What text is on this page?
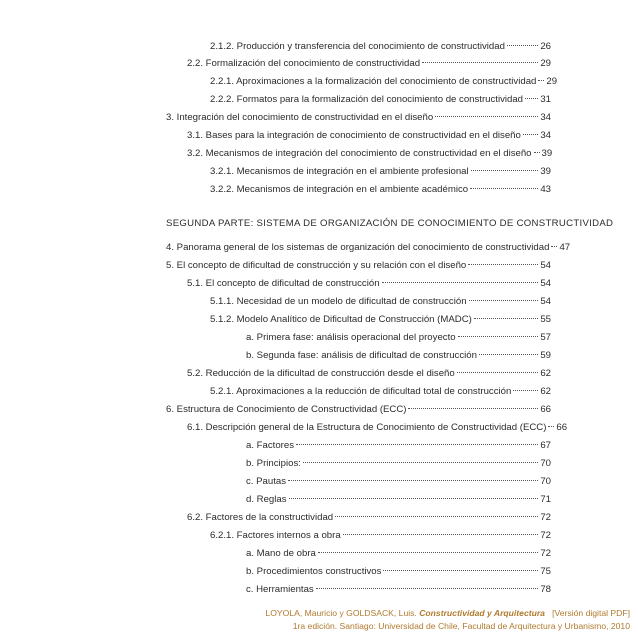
2.1.2. Producción y transferencia del conocimiento de constructividad	26
2.2. Formalización del conocimiento de constructividad	29
2.2.1. Aproximaciones a la formalización del conocimiento de constructividad 29
2.2.2. Formatos para la formalización del conocimiento de constructividad 31
3. Integración del conocimiento de constructividad en el diseño	34
3.1. Bases para la integración de conocimiento de constructividad en el diseño 34
3.2. Mecanismos de integración del conocimiento de constructividad en el diseño 39
3.2.1. Mecanismos de integración en el ambiente profesional	39
3.2.2. Mecanismos de integración en el ambiente académico	43
SEGUNDA PARTE: SISTEMA DE ORGANIZACIÓN DE CONOCIMIENTO DE CONSTRUCTIVIDAD
4. Panorama general de los sistemas de organización del conocimiento de constructividad 47
5. El concepto de dificultad de construcción y su relación con el diseño	54
5.1. El concepto de dificultad de construcción	54
5.1.1. Necesidad de un modelo de dificultad de construcción	54
5.1.2. Modelo Analítico de Dificultad de Construcción (MADC)	55
a. Primera fase: análisis operacional del proyecto	57
b. Segunda fase: análisis de dificultad de construcción	59
5.2. Reducción de la dificultad de construcción desde el diseño	62
5.2.1. Aproximaciones a la reducción de dificultad total de construcción	62
6. Estructura de Conocimiento de Constructividad (ECC)	66
6.1. Descripción general de la Estructura de Conocimiento de Constructividad (ECC) 66
a. Factores	67
b. Principios:	70
c. Pautas	70
d. Reglas	71
6.2. Factores de la constructividad	72
6.2.1. Factores internos a obra	72
a. Mano de obra	72
b. Procedimientos constructivos	75
c. Herramientas	78
LOYOLA, Mauricio y GOLDSACK, Luis. Constructividad y Arquitectura [Versión digital PDF]
1ra edición. Santiago: Universidad de Chile, Facultad de Arquitectura y Urbanismo, 2010
